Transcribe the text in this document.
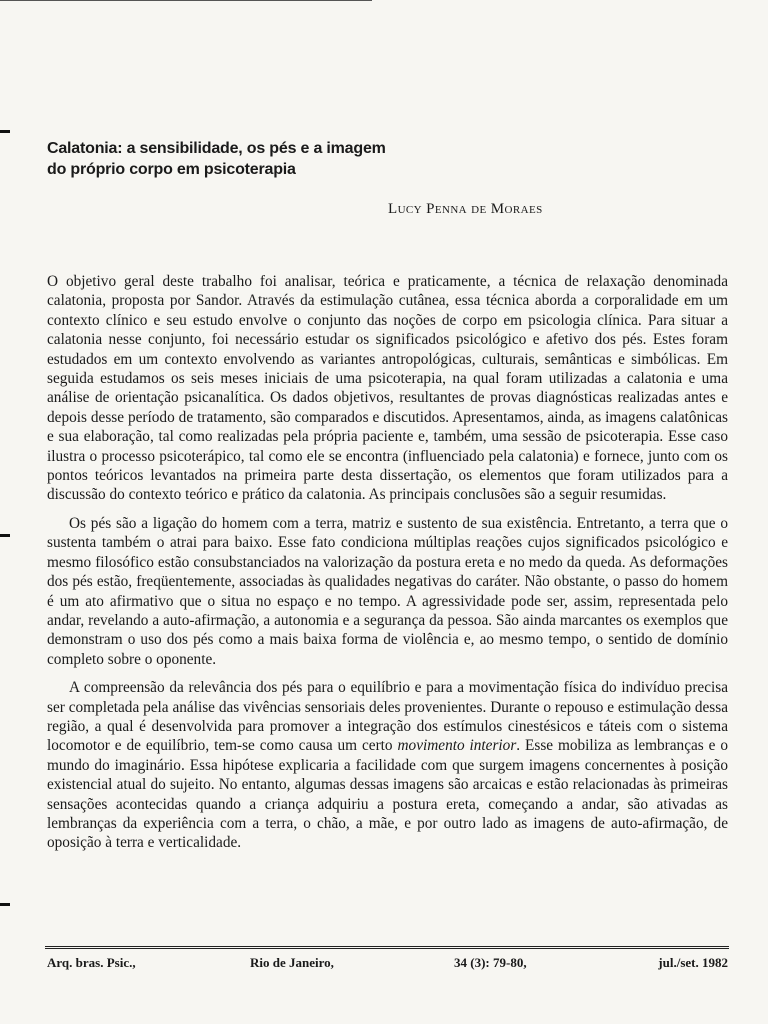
Calatonia: a sensibilidade, os pés e a imagem
do próprio corpo em psicoterapia
Lucy Penna de Moraes

O objetivo geral deste trabalho foi analisar, teórica e praticamente, a técnica de relaxação denominada calatonia, proposta por Sandor. Através da estimulação cutânea, essa técnica aborda a corporalidade em um contexto clínico e seu estudo envolve o conjunto das noções de corpo em psicologia clínica. Para situar a calatonia nesse conjunto, foi necessário estudar os significados psicológico e afetivo dos pés. Estes foram estudados em um contexto envolvendo as variantes antropológicas, culturais, semânticas e simbólicas. Em seguida estudamos os seis meses iniciais de uma psicoterapia, na qual foram utilizadas a calatonia e uma análise de orientação psicanalítica. Os dados objetivos, resultantes de provas diagnósticas realizadas antes e depois desse período de tratamento, são comparados e discutidos. Apresentamos, ainda, as imagens calatônicas e sua elaboração, tal como realizadas pela própria paciente e, também, uma sessão de psicoterapia. Esse caso ilustra o processo psicoterápico, tal como ele se encontra (influenciado pela calatonia) e fornece, junto com os pontos teóricos levantados na primeira parte desta dissertação, os elementos que foram utilizados para a discussão do contexto teórico e prático da calatonia. As principais conclusões são a seguir resumidas.

Os pés são a ligação do homem com a terra, matriz e sustento de sua existência. Entretanto, a terra que o sustenta também o atrai para baixo. Esse fato condiciona múltiplas reações cujos significados psicológico e mesmo filosófico estão consubstanciados na valorização da postura ereta e no medo da queda. As deformações dos pés estão, freqüentemente, associadas às qualidades negativas do caráter. Não obstante, o passo do homem é um ato afirmativo que o situa no espaço e no tempo. A agressividade pode ser, assim, representada pelo andar, revelando a auto-afirmação, a autonomia e a segurança da pessoa. São ainda marcantes os exemplos que demonstram o uso dos pés como a mais baixa forma de violência e, ao mesmo tempo, o sentido de domínio completo sobre o oponente.

A compreensão da relevância dos pés para o equilíbrio e para a movimentação física do indivíduo precisa ser completada pela análise das vivências sensoriais deles provenientes. Durante o repouso e estimulação dessa região, a qual é desenvolvida para promover a integração dos estímulos cinestésicos e táteis com o sistema locomotor e de equilíbrio, tem-se como causa um certo movimento interior. Esse mobiliza as lembranças e o mundo do imaginário. Essa hipótese explicaria a facilidade com que surgem imagens concernentes à posição existencial atual do sujeito. No entanto, algumas dessas imagens são arcaicas e estão relacionadas às primeiras sensações acontecidas quando a criança adquiriu a postura ereta, começando a andar, são ativadas as lembranças da experiência com a terra, o chão, a mãe, e por outro lado as imagens de auto-afirmação, de oposição à terra e verticalidade.

Arq. bras. Psic.,	Rio de Janeiro,	34 (3): 79-80,	jul./set. 1982
